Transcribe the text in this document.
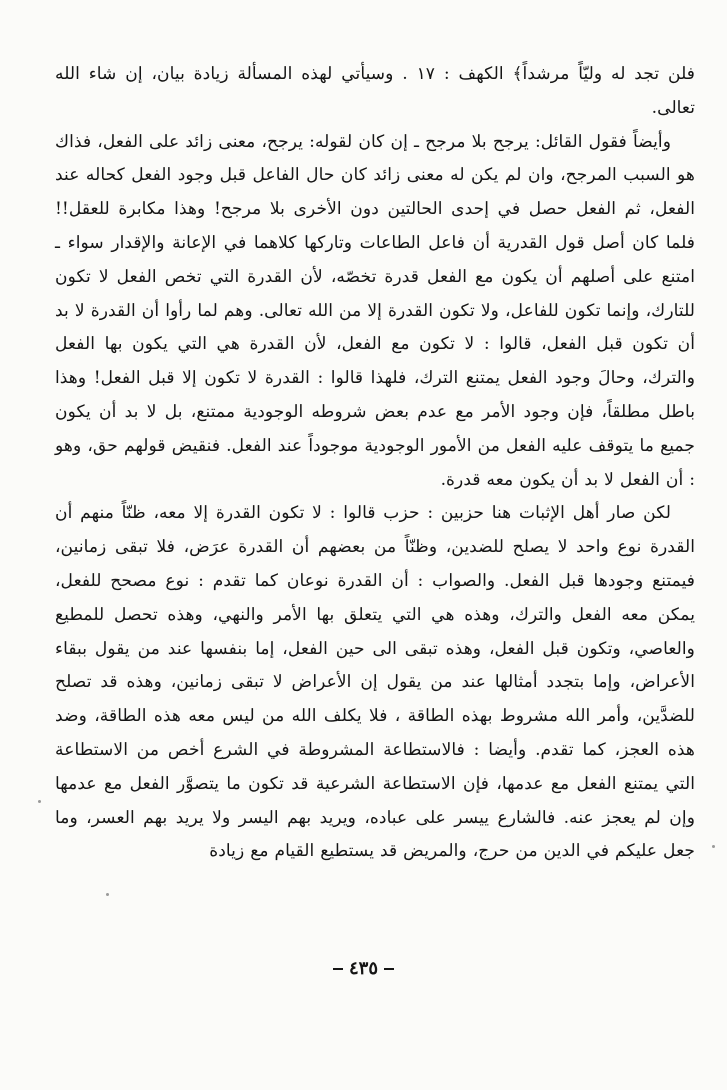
فلن تجد له وليّاً مرشداً﴾ الكهف : ١٧ . وسيأتي لهذه المسألة زيادة بيان، إن شاء الله تعالى.

وأيضاً فقول القائل: يرجح بلا مرجح ـ إن كان لقوله: يرجح، معنى زائد على الفعل، فذاك هو السبب المرجح، وان لم يكن له معنى زائد كان حال الفاعل قبل وجود الفعل كحاله عند الفعل، ثم الفعل حصل في إحدى الحالتين دون الأخرى بلا مرجح! وهذا مكابرة للعقل!! فلما كان أصل قول القدرية أن فاعل الطاعات وتاركها كلاهما في الإعانة والإقدار سواء ـ امتنع على أصلهم أن يكون مع الفعل قدرة تخصّه، لأن القدرة التي تخص الفعل لا تكون للتارك، وإنما تكون للفاعل، ولا تكون القدرة إلا من الله تعالى. وهم لما رأوا أن القدرة لا بد أن تكون قبل الفعل، قالوا : لا تكون مع الفعل، لأن القدرة هي التي يكون بها الفعل والترك، وحالَ وجود الفعل يمتنع الترك، فلهذا قالوا : القدرة لا تكون إلا قبل الفعل! وهذا باطل مطلقاً، فإن وجود الأمر مع عدم بعض شروطه الوجودية ممتنع، بل لا بد أن يكون جميع ما يتوقف عليه الفعل من الأمور الوجودية موجوداً عند الفعل. فنقيض قولهم حق، وهو : أن الفعل لا بد أن يكون معه قدرة.

لكن صار أهل الإثبات هنا حزبين : حزب قالوا : لا تكون القدرة إلا معه، ظنّاً منهم أن القدرة نوع واحد لا يصلح للضدين، وظنّاً من بعضهم أن القدرة عرَض، فلا تبقى زمانين، فيمتنع وجودها قبل الفعل. والصواب : أن القدرة نوعان كما تقدم : نوع مصحح للفعل، يمكن معه الفعل والترك، وهذه هي التي يتعلق بها الأمر والنهي، وهذه تحصل للمطيع والعاصي، وتكون قبل الفعل، وهذه تبقى الى حين الفعل، إما بنفسها عند من يقول ببقاء الأعراض، وإما بتجدد أمثالها عند من يقول إن الأعراض لا تبقى زمانين، وهذه قد تصلح للضدَّين، وأمر الله مشروط بهذه الطاقة ، فلا يكلف الله من ليس معه هذه الطاقة، وضد هذه العجز، كما تقدم. وأيضا : فالاستطاعة المشروطة في الشرع أخص من الاستطاعة التي يمتنع الفعل مع عدمها، فإن الاستطاعة الشرعية قد تكون ما يتصوَّر الفعل مع عدمها وإن لم يعجز عنه. فالشارع ييسر على عباده، ويريد بهم اليسر ولا يريد بهم العسر، وما جعل عليكم في الدين من حرج، والمريض قد يستطيع القيام مع زيادة

٤٣٥
